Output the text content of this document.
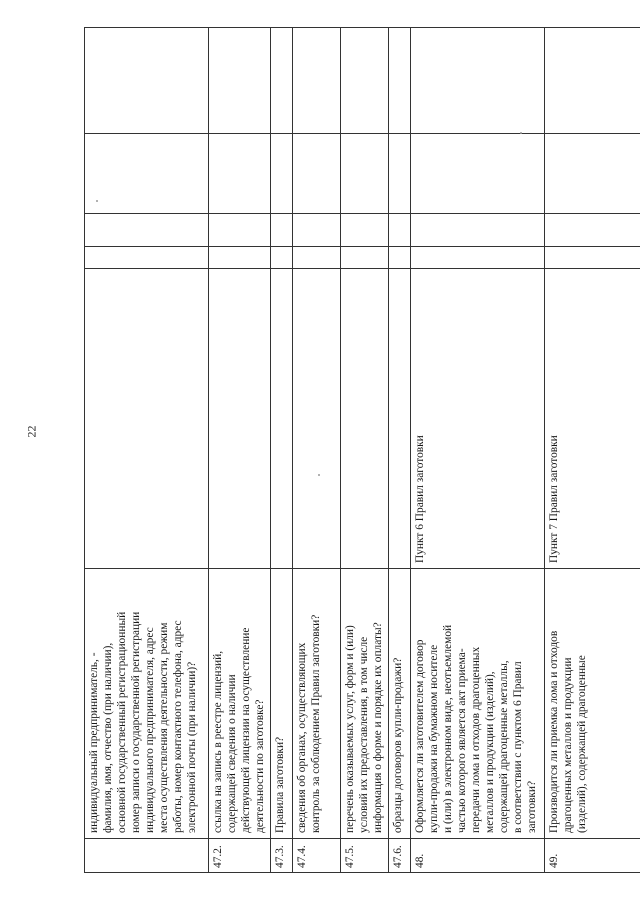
22
индивидуальный предприниматель, - фамилия, имя, отчество (при наличии), основной государственный регистрационный номер записи о государственной регистрации индивидуального предпринимателя, адрес места осуществления деятельности, режим работы, номер контактного телефона, адрес электронной почты (при наличии)?
47.2.
ссылка на запись в реестре лицензий, содержащей сведения о наличии действующей лицензии на осуществление деятельности по заготовке?
47.3.
Правила заготовки?
47.4.
сведения об органах, осуществляющих контроль за соблюдением Правил заготовки?
47.5.
перечень оказываемых услуг, форм и (или) условий их предоставления, в том числе информация о форме и порядке их оплаты?
47.6.
образцы договоров купли-продажи?
48.
Оформляется ли заготовителем договор купли-продажи на бумажном носителе и (или) в электронном виде, неотъемлемой частью которого является акт приема- передачи лома и отходов драгоценных металлов и продукции (изделий), содержащей драгоценные металлы, в соответствии с пунктом 6 Правил заготовки?
Пункт 6 Правил заготовки
49.
Производится ли приемка лома и отходов драгоценных металлов и продукции (изделий), содержащей драгоценные
Пункт 7 Правил заготовки
